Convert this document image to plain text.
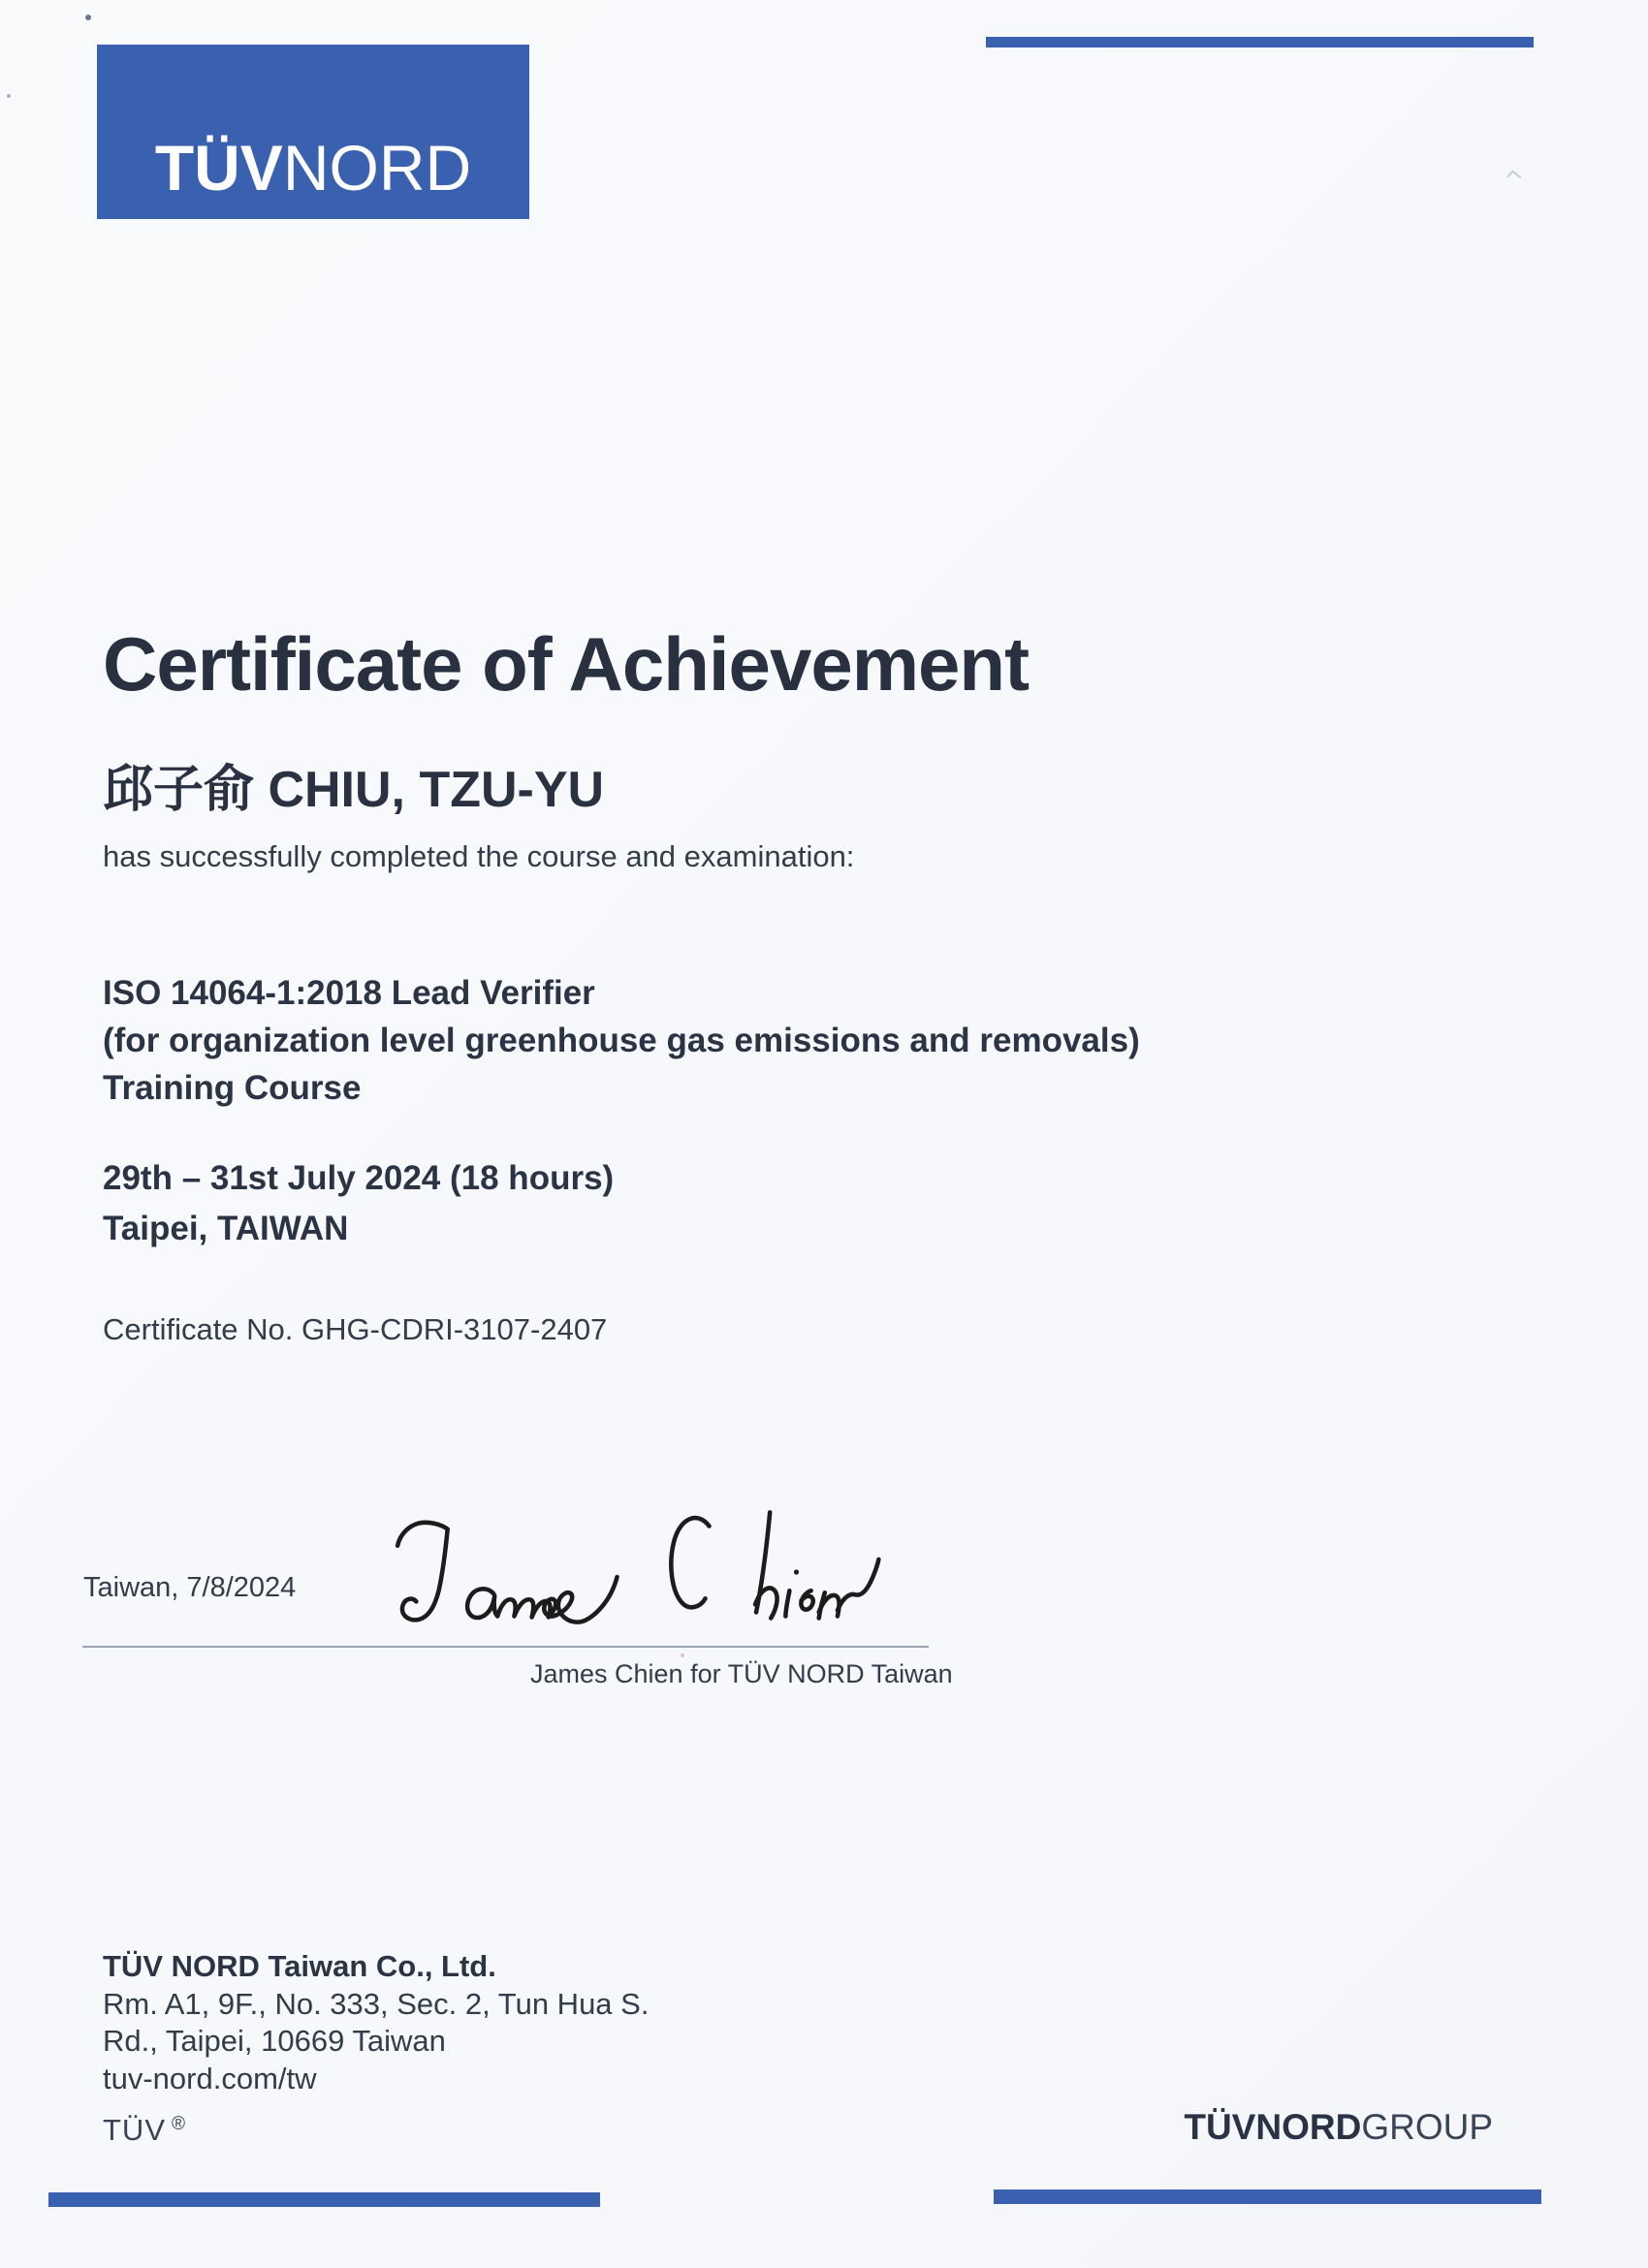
TÜVNORD
Certificate of Achievement
邱子俞 CHIU, TZU-YU
has successfully completed the course and examination:
ISO 14064-1:2018 Lead Verifier
(for organization level greenhouse gas emissions and removals)
Training Course
29th – 31st July 2024 (18 hours)
Taipei, TAIWAN
Certificate No. GHG-CDRI-3107-2407
Taiwan, 7/8/2024
James Chien for TÜV NORD Taiwan
TÜV NORD Taiwan Co., Ltd.
Rm. A1, 9F., No. 333, Sec. 2, Tun Hua S.
Rd., Taipei, 10669 Taiwan
tuv-nord.com/tw
TÜV ®	TÜVNORDGROUP
